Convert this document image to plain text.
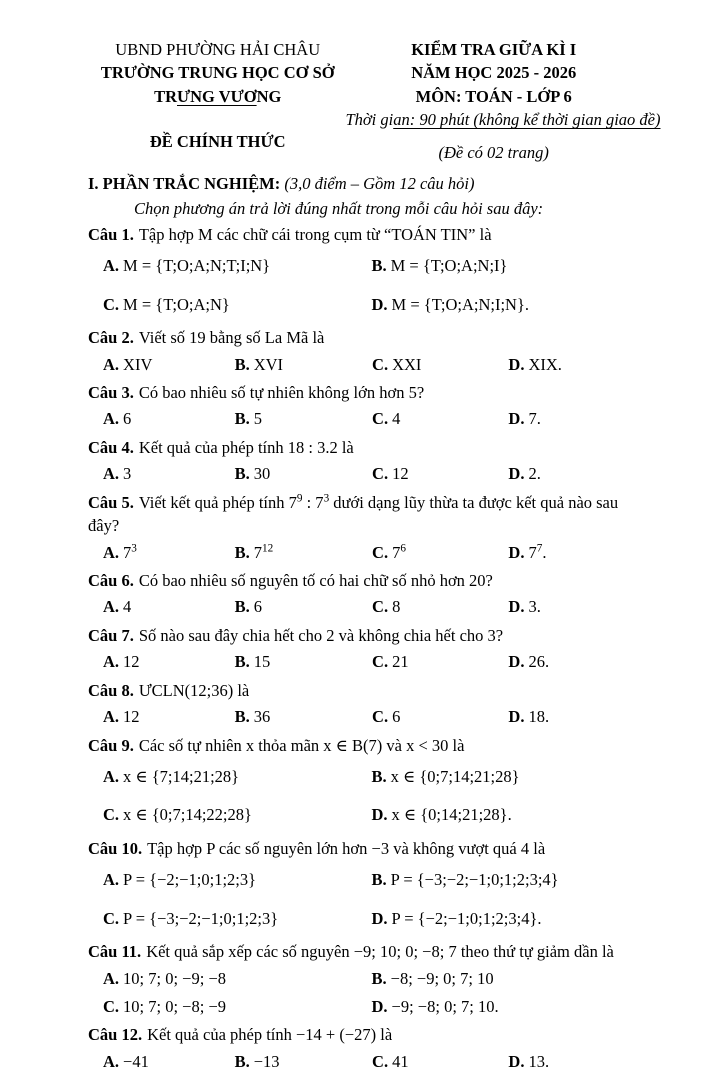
UBND PHƯỜNG HẢI CHÂU
TRƯỜNG TRUNG HỌC CƠ SỞ
TRƯNG VƯƠNG
ĐỀ CHÍNH THỨC
KIỂM TRA GIỮA KÌ I
NĂM HỌC 2025 - 2026
MÔN: TOÁN - LỚP 6
Thời gian: 90 phút (không kể thời gian giao đề)
(Đề có 02 trang)
I. PHẦN TRẮC NGHIỆM: (3,0 điểm – Gồm 12 câu hỏi)
Chọn phương án trả lời đúng nhất trong mỗi câu hỏi sau đây:
Câu 1. Tập hợp M các chữ cái trong cụm từ “TOÁN TIN” là
A. M = {T;O;A;N;T;I;N}	B. M = {T;O;A;N;I}
C. M = {T;O;A;N}	D. M = {T;O;A;N;I;N}.
Câu 2. Viết số 19 bằng số La Mã là
A. XIV	B. XVI	C. XXI	D. XIX.
Câu 3. Có bao nhiêu số tự nhiên không lớn hơn 5?
A. 6	B. 5	C. 4	D. 7.
Câu 4. Kết quả của phép tính 18 : 3.2 là
A. 3	B. 30	C. 12	D. 2.
Câu 5. Viết kết quả phép tính $7^9$ : $7^3$ dưới dạng lũy thừa ta được kết quả nào sau đây?
A. $7^3$	B. $7^{12}$	C. $7^6$	D. $7^7$.
Câu 6. Có bao nhiêu số nguyên tố có hai chữ số nhỏ hơn 20?
A. 4	B. 6	C. 8	D. 3.
Câu 7. Số nào sau đây chia hết cho 2 và không chia hết cho 3?
A. 12	B. 15	C. 21	D. 26.
Câu 8. ƯCLN(12;36) là
A. 12	B. 36	C. 6	D. 18.
Câu 9. Các số tự nhiên x thỏa mãn x ∈ B(7) và x < 30 là
A. x ∈ {7;14;21;28}	B. x ∈ {0;7;14;21;28}
C. x ∈ {0;7;14;22;28}	D. x ∈ {0;14;21;28}.
Câu 10. Tập hợp P các số nguyên lớn hơn −3 và không vượt quá 4 là
A. P = {−2;−1;0;1;2;3}	B. P = {−3;−2;−1;0;1;2;3;4}
C. P = {−3;−2;−1;0;1;2;3}	D. P = {−2;−1;0;1;2;3;4}.
Câu 11. Kết quả sắp xếp các số nguyên −9; 10; 0; −8; 7 theo thứ tự giảm dần là
A. 10; 7; 0; −9; −8	B. −8; −9; 0; 7; 10
C. 10; 7; 0; −8; −9	D. −9; −8; 0; 7; 10.
Câu 12. Kết quả của phép tính −14 + (−27) là
A. −41	B. −13	C. 41	D. 13.
